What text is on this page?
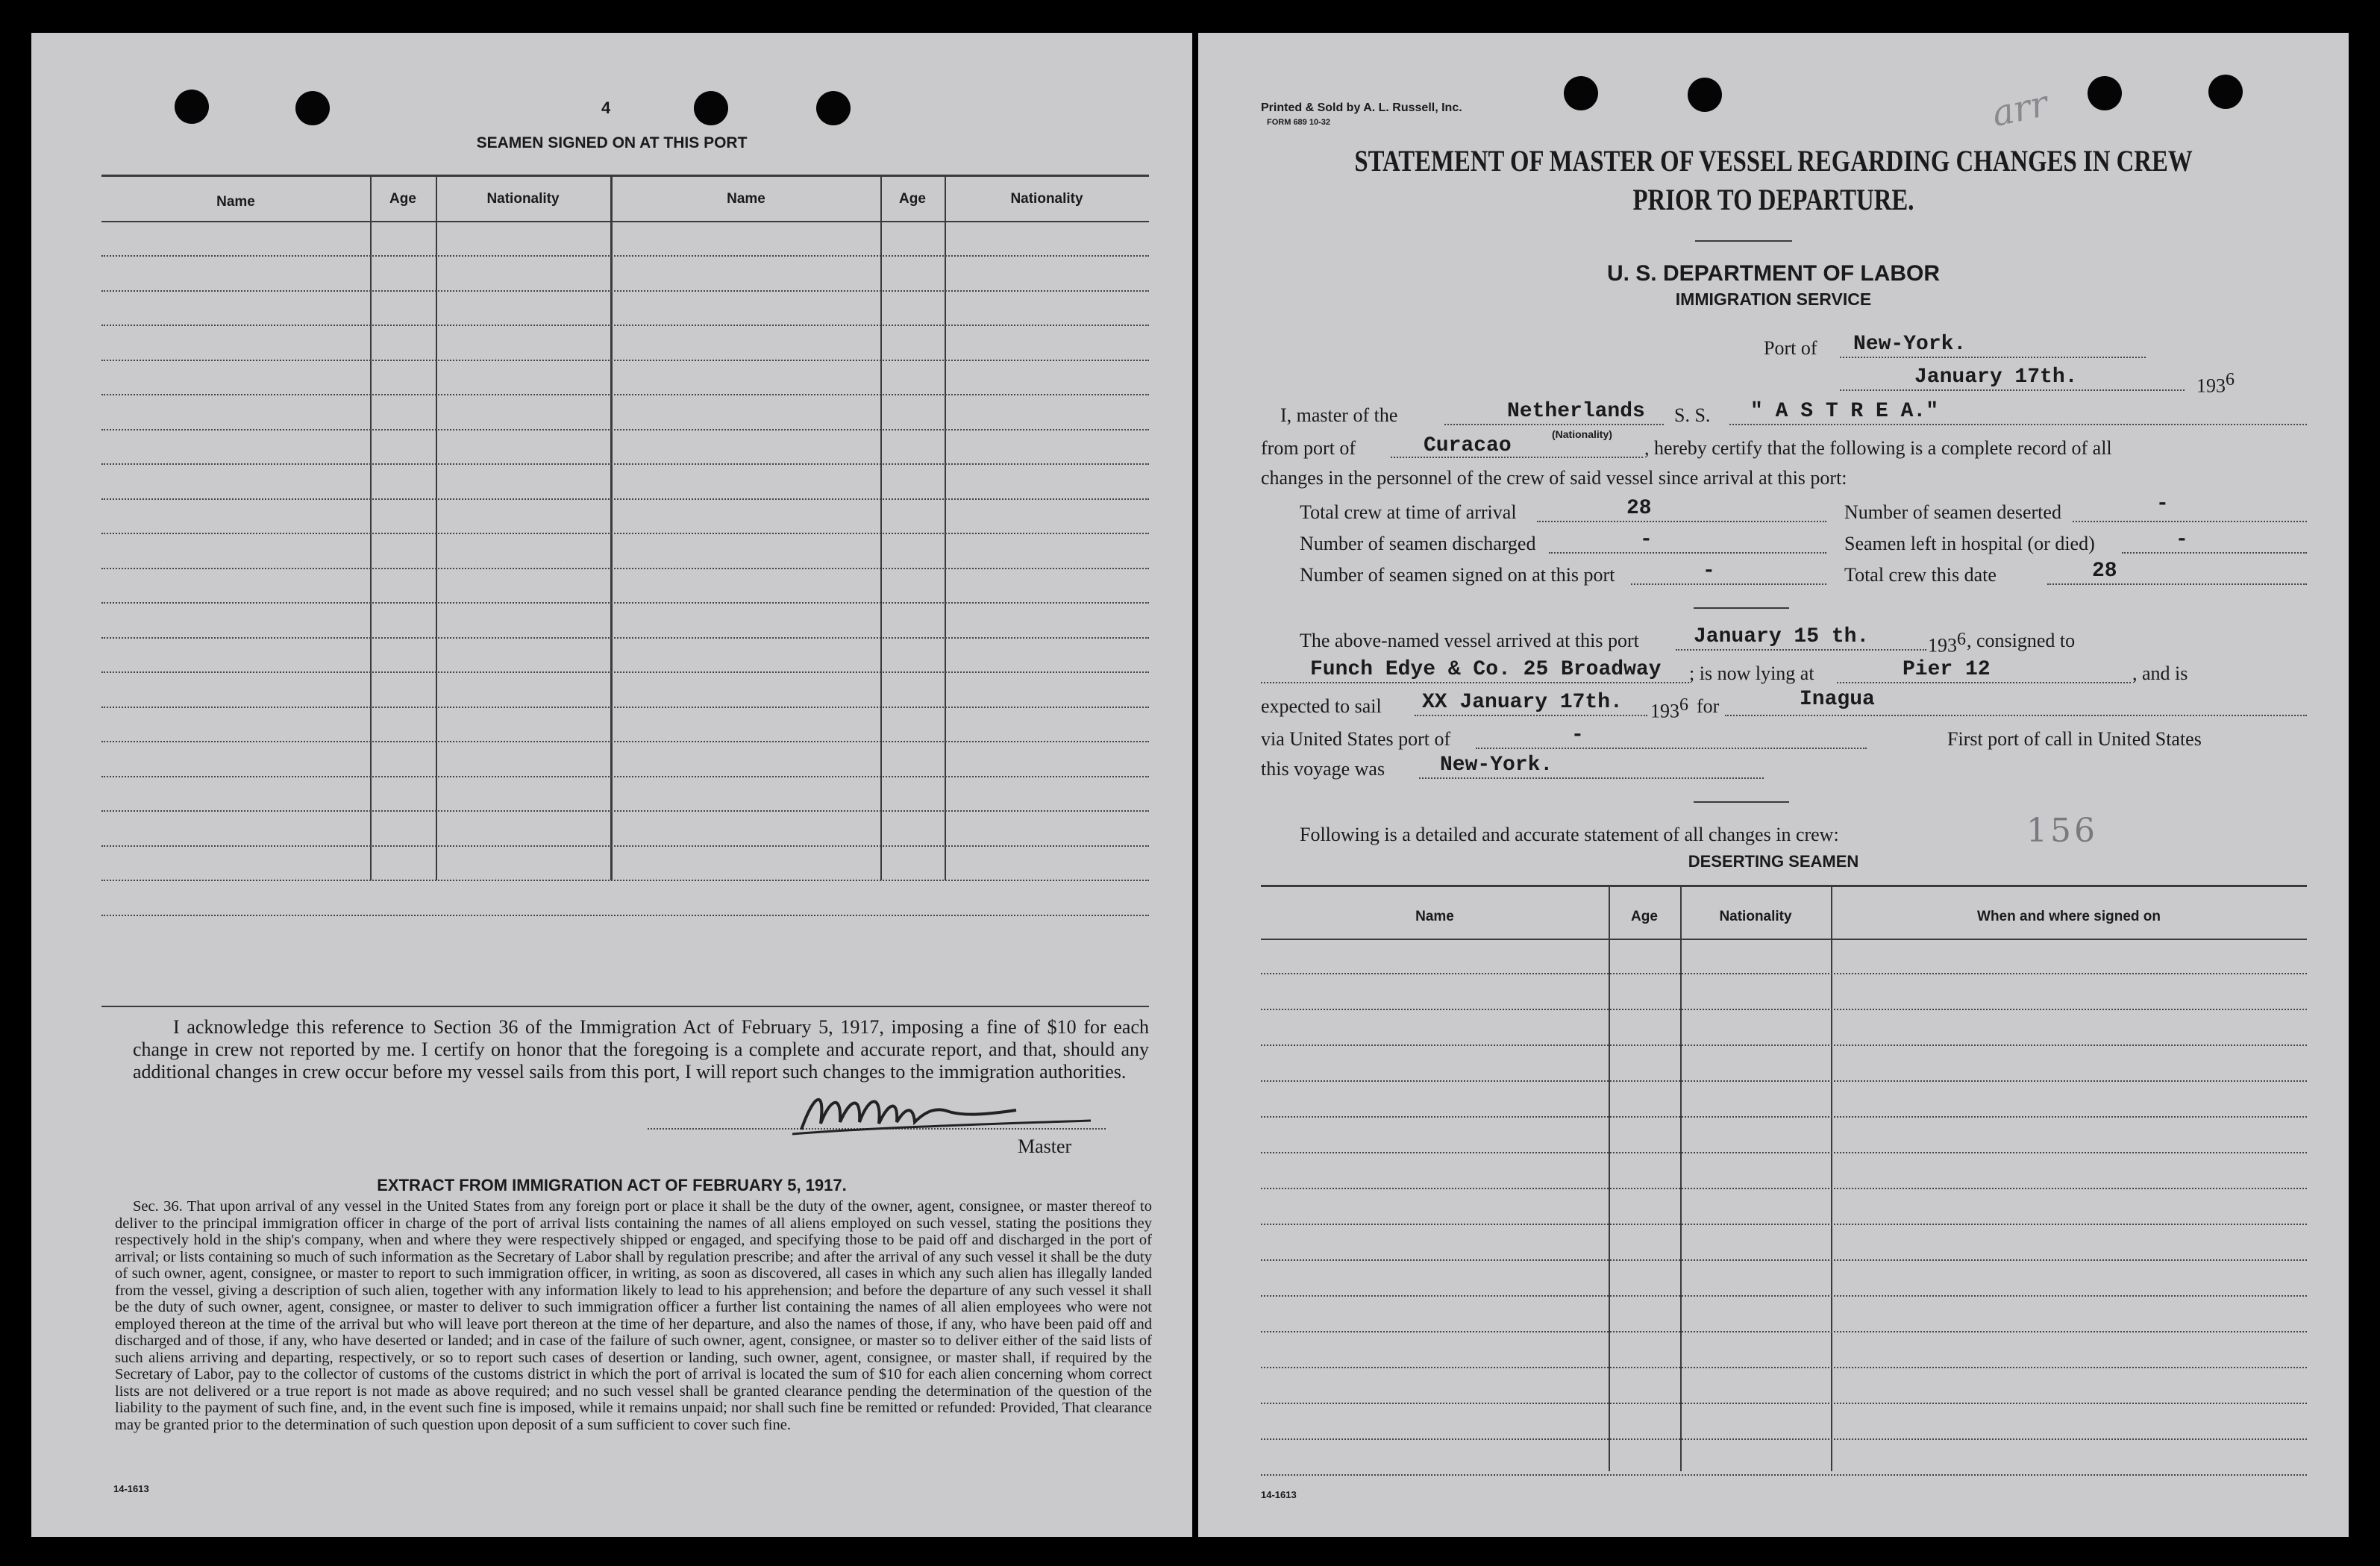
4
SEAMEN SIGNED ON AT THIS PORT
Name	Age	Nationality	Name	Age	Nationality

I acknowledge this reference to Section 36 of the Immigration Act of February 5, 1917, imposing a fine of $10 for each change in crew not reported by me. I certify on honor that the foregoing is a complete and accurate report, and that, should any additional changes in crew occur before my vessel sails from this port, I will report such changes to the immigration authorities.

Master
EXTRACT FROM IMMIGRATION ACT OF FEBRUARY 5, 1917.

Sec. 36. That upon arrival of any vessel in the United States from any foreign port or place it shall be the duty of the owner, agent, consignee, or master thereof to deliver to the principal immigration officer in charge of the port of arrival lists containing the names of all aliens employed on such vessel, stating the positions they respectively hold in the ship's company, when and where they were respectively shipped or engaged, and specifying those to be paid off and discharged in the port of arrival; or lists containing so much of such information as the Secretary of Labor shall by regulation prescribe; and after the arrival of any such vessel it shall be the duty of such owner, agent, consignee, or master to report to such immigration officer, in writing, as soon as discovered, all cases in which any such alien has illegally landed from the vessel, giving a description of such alien, together with any information likely to lead to his apprehension; and before the departure of any such vessel it shall be the duty of such owner, agent, consignee, or master to deliver to such immigration officer a further list containing the names of all alien employees who were not employed thereon at the time of the arrival but who will leave port thereon at the time of her departure, and also the names of those, if any, who have been paid off and discharged and of those, if any, who have deserted or landed; and in case of the failure of such owner, agent, consignee, or master so to deliver either of the said lists of such aliens arriving and departing, respectively, or so to report such cases of desertion or landing, such owner, agent, consignee, or master shall, if required by the Secretary of Labor, pay to the collector of customs of the customs district in which the port of arrival is located the sum of $10 for each alien concerning whom correct lists are not delivered or a true report is not made as above required; and no such vessel shall be granted clearance pending the determination of the question of the liability to the payment of such fine, and, in the event such fine is imposed, while it remains unpaid; nor shall such fine be remitted or refunded: Provided, That clearance may be granted prior to the determination of such question upon deposit of a sum sufficient to cover such fine.

14-1613
Printed & Sold by A. L. Russell, Inc.
FORM 689 10-32	arr
STATEMENT OF MASTER OF VESSEL REGARDING CHANGES IN CREW
PRIOR TO DEPARTURE.
U. S. DEPARTMENT OF LABOR
IMMIGRATION SERVICE
Port of New-York.
January 17th.	$193^6$
I, master of the	Netherlands
(Nationality)
S. S. " A S T R E A."
from port of	Curacao	, hereby certify that the following is a complete record of all
changes in the personnel of the crew of said vessel since arrival at this port:
Total crew at time of arrival	28	Number of seamen deserted	-
Number of seamen discharged	-	Seamen left in hospital (or died)	-
Number of seamen signed on at this port	-	Total crew this date	28
The above-named vessel arrived at this port	January 15 th.	$193^6$ , consigned to
Funch Edye & Co. 25 Broadway ; is now lying at	Pier 12	, and is
expected to sail XX January 17th. $193^6$ for	Inagua
via United States port of	-	First port of call in United States
this voyage was	New-York.
Following is a detailed and accurate statement of all changes in crew:	156
DESERTING SEAMEN
Name	Age	Nationality	When and where signed on
14-1613
